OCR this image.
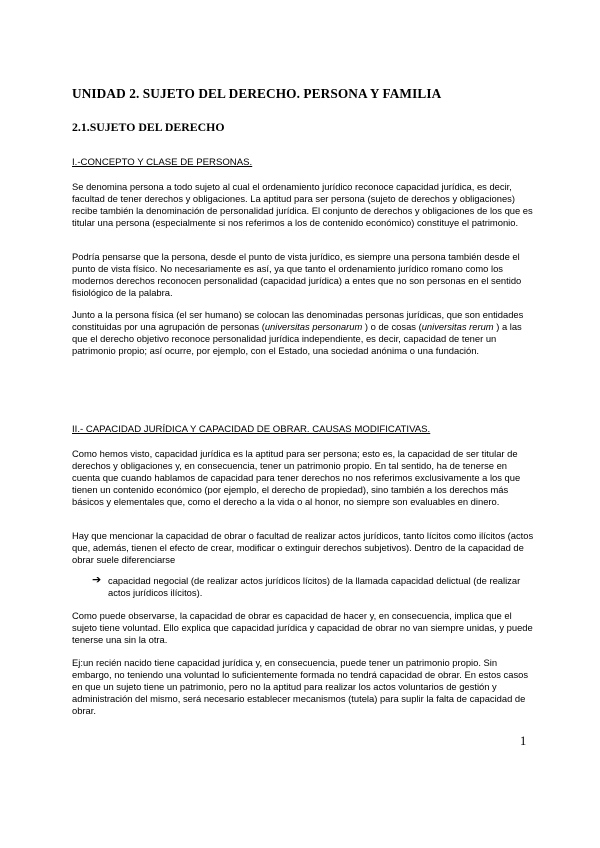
UNIDAD 2. SUJETO DEL DERECHO. PERSONA Y FAMILIA
2.1.SUJETO DEL DERECHO
I.-CONCEPTO Y CLASE DE PERSONAS.

Se denomina persona a todo sujeto al cual el ordenamiento jurídico reconoce capacidad jurídica, es decir, facultad de tener derechos y obligaciones. La aptitud para ser persona (sujeto de derechos y obligaciones) recibe también la denominación de personalidad jurídica. El conjunto de derechos y obligaciones de los que es titular una persona (especialmente si nos referimos a los de contenido económico) constituye el patrimonio.

Podría pensarse que la persona, desde el punto de vista jurídico, es siempre una persona también desde el punto de vista físico. No necesariamente es así, ya que tanto el ordenamiento jurídico romano como los modernos derechos reconocen personalidad (capacidad jurídica) a entes que no son personas en el sentido fisiológico de la palabra.

Junto a la persona física (el ser humano) se colocan las denominadas personas jurídicas, que son entidades constituidas por una agrupación de personas (universitas personarum ) o de cosas (universitas rerum ) a las que el derecho objetivo reconoce personalidad jurídica independiente, es decir, capacidad de tener un patrimonio propio; así ocurre, por ejemplo, con el Estado, una sociedad anónima o una fundación.

II.- CAPACIDAD JURÍDICA Y CAPACIDAD DE OBRAR. CAUSAS MODIFICATIVAS.

Como hemos visto, capacidad jurídica es la aptitud para ser persona; esto es, la capacidad de ser titular de derechos y obligaciones y, en consecuencia, tener un patrimonio propio. En tal sentido, ha de tenerse en cuenta que cuando hablamos de capacidad para tener derechos no nos referimos exclusivamente a los que tienen un contenido económico (por ejemplo, el derecho de propiedad), sino también a los derechos más básicos y elementales que, como el derecho a la vida o al honor, no siempre son evaluables en dinero.

Hay que mencionar la capacidad de obrar o facultad de realizar actos jurídicos, tanto lícitos como ilícitos (actos que, además, tienen el efecto de crear, modificar o extinguir derechos subjetivos). Dentro de la capacidad de obrar suele diferenciarse

➔ capacidad negocial (de realizar actos jurídicos lícitos) de la llamada capacidad delictual (de realizar actos jurídicos ilícitos).

Como puede observarse, la capacidad de obrar es capacidad de hacer y, en consecuencia, implica que el sujeto tiene voluntad. Ello explica que capacidad jurídica y capacidad de obrar no van siempre unidas, y puede tenerse una sin la otra.

Ej:un recién nacido tiene capacidad jurídica y, en consecuencia, puede tener un patrimonio propio. Sin embargo, no teniendo una voluntad lo suficientemente formada no tendrá capacidad de obrar. En estos casos en que un sujeto tiene un patrimonio, pero no la aptitud para realizar los actos voluntarios de gestión y administración del mismo, será necesario establecer mecanismos (tutela) para suplir la falta de capacidad de obrar.

1
